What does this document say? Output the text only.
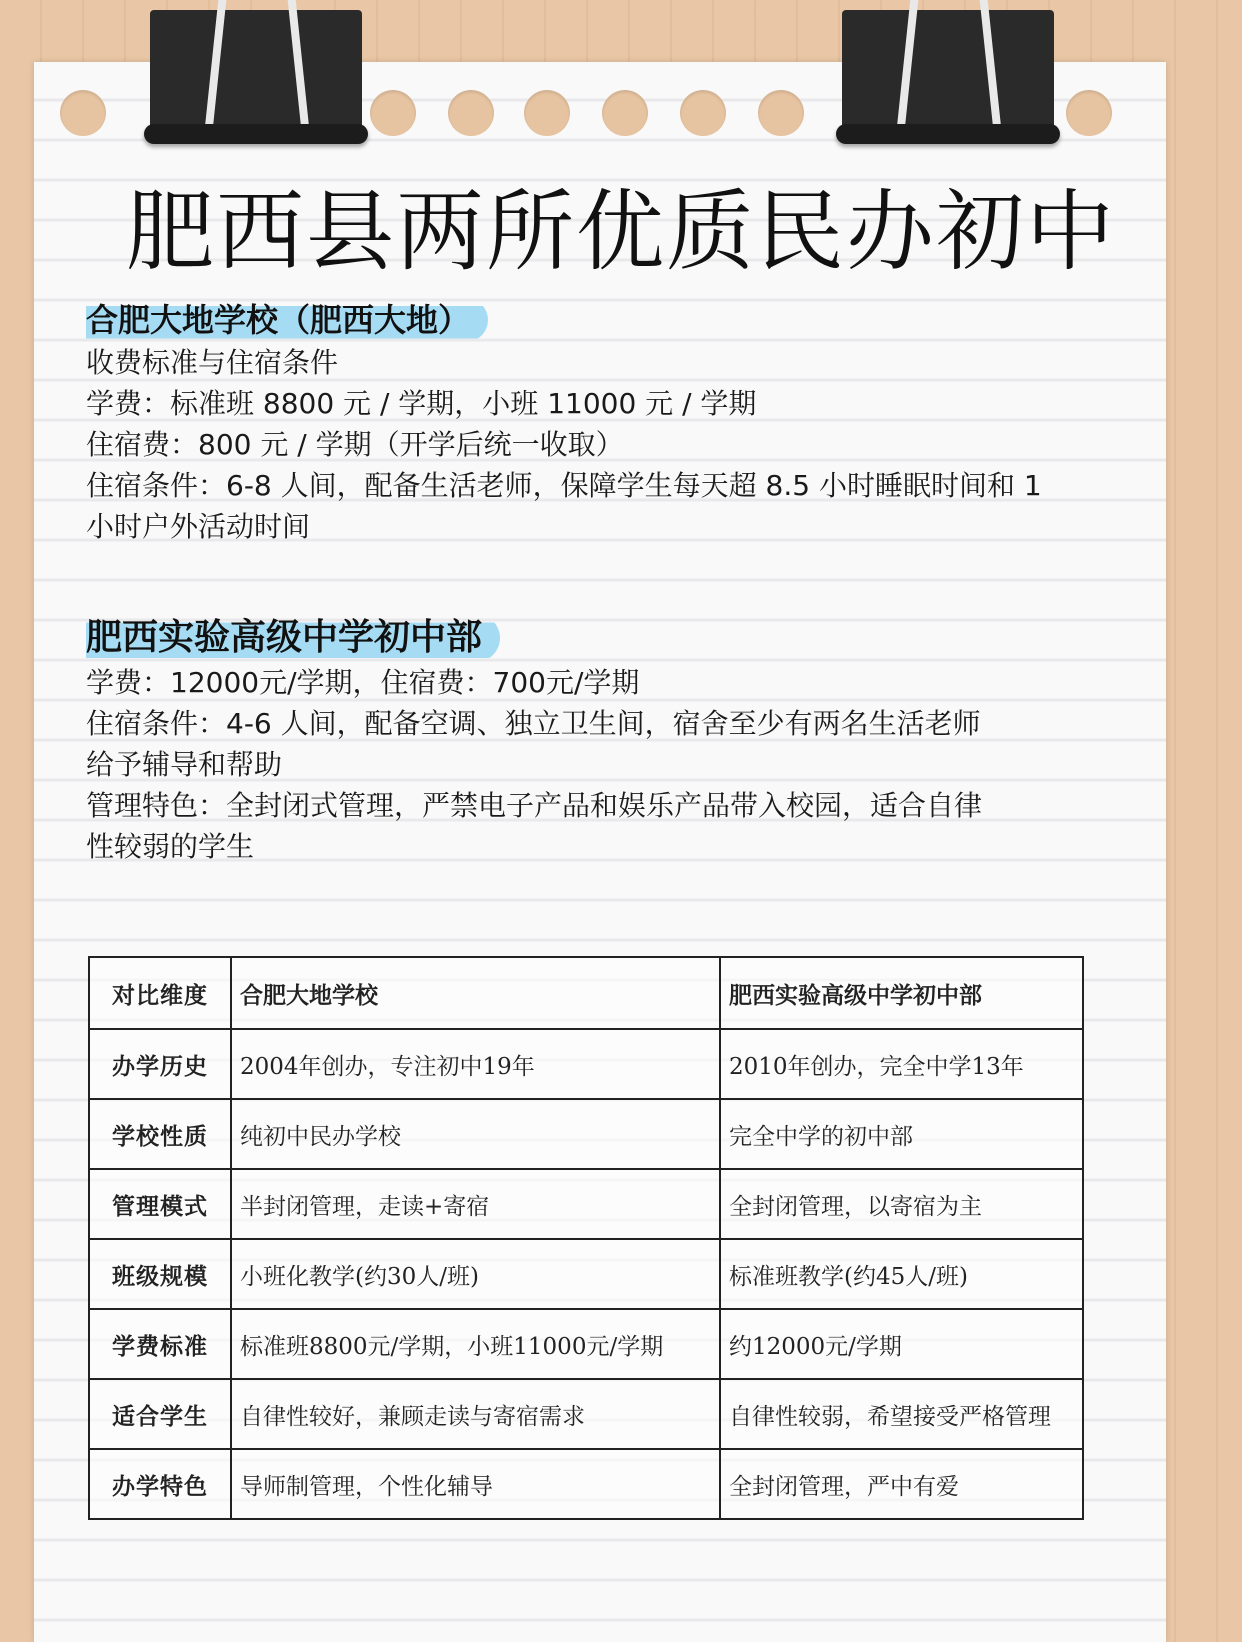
肥西县两所优质民办初中
合肥大地学校（肥西大地）

收费标准与住宿条件

学费：标准班 8800 元 / 学期，小班 11000 元 / 学期

住宿费：800 元 / 学期（开学后统一收取）

住宿条件：6-8 人间，配备生活老师，保障学生每天超 8.5 小时睡眠时间和 1

小时户外活动时间

肥西实验高级中学初中部

学费：12000元/学期，住宿费：700元/学期

住宿条件：4-6 人间，配备空调、独立卫生间，宿舍至少有两名生活老师

给予辅导和帮助

管理特色：全封闭式管理，严禁电子产品和娱乐产品带入校园，适合自律

性较弱的学生

对比维度	合肥大地学校	肥西实验高级中学初中部
办学历史	2004年创办，专注初中19年	2010年创办，完全中学13年
学校性质	纯初中民办学校	完全中学的初中部
管理模式	半封闭管理，走读+寄宿	全封闭管理，以寄宿为主
班级规模	小班化教学(约30人/班)	标准班教学(约45人/班)
学费标准	标准班8800元/学期，小班11000元/学期	约12000元/学期
适合学生	自律性较好，兼顾走读与寄宿需求	自律性较弱，希望接受严格管理
办学特色	导师制管理，个性化辅导	全封闭管理，严中有爱
